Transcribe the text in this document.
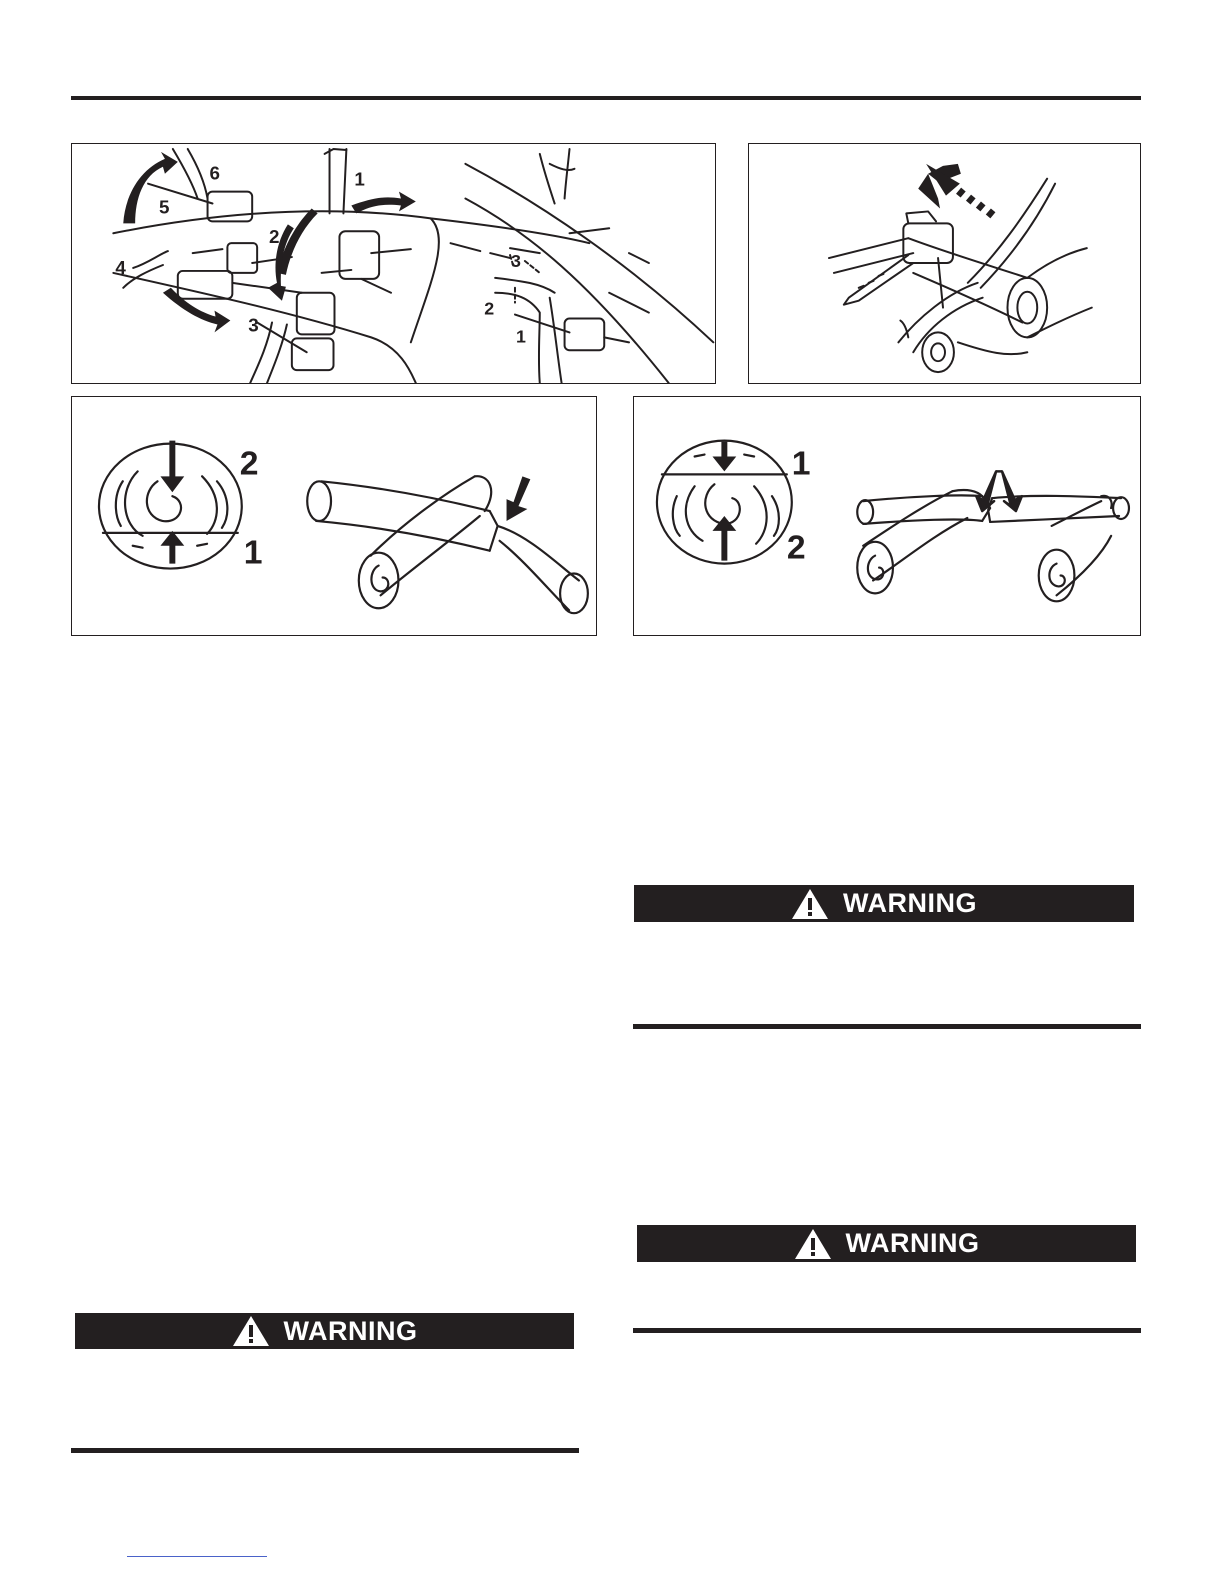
6
5
4
3
2
1
3
2
1
2
1
1
2
WARNING
WARNING
WARNING
